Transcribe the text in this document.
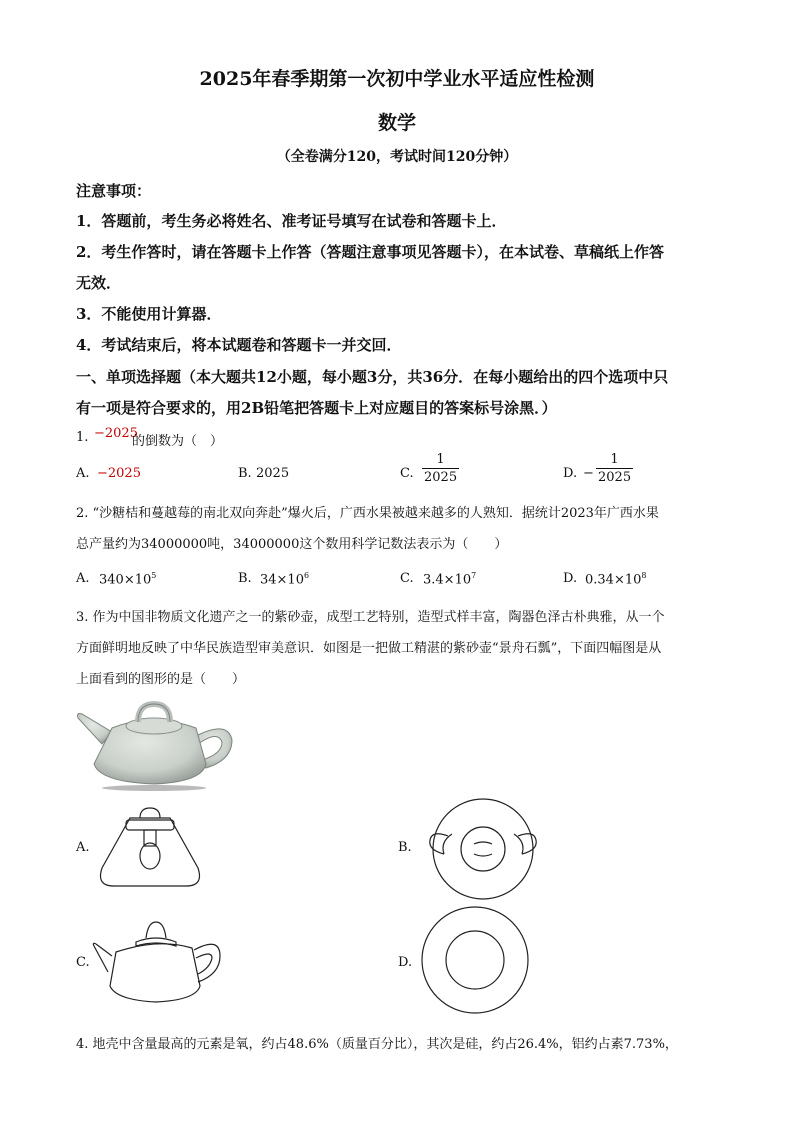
2025年春季期第一次初中学业水平适应性检测
数学
（全卷满分120，考试时间120分钟）
注意事项：
1．答题前，考生务必将姓名、准考证号填写在试卷和答题卡上．
2．考生作答时，请在答题卡上作答（答题注意事项见答题卡），在本试卷、草稿纸上作答
无效．
3．不能使用计算器．
4．考试结束后，将本试题卷和答题卡一并交回．
一、单项选择题（本大题共12小题，每小题3分，共36分．在每小题给出的四个选项中只
有一项是符合要求的，用2B铅笔把答题卡上对应题目的答案标号涂黑．）
1. −2025
的倒数为（　）
A. −2025	B. 2025	C.
1
2025	D. −
1
2025
2. “沙糖桔和蔓越莓的南北双向奔赴”爆火后，广西水果被越来越多的人熟知．据统计2023年广西水果
总产量约为34000000吨，34000000这个数用科学记数法表示为（　　）
A. $340\times 10^5$	B. $34\times 10^6$	C. $3.4\times 10^7$	D. $0.34\times 10^8$
3. 作为中国非物质文化遗产之一的紫砂壶，成型工艺特别，造型式样丰富，陶器色泽古朴典雅，从一个
方面鲜明地反映了中华民族造型审美意识．如图是一把做工精湛的紫砂壶“景舟石瓢”，下面四幅图是从
上面看到的图形的是（　　）
A.	B.
C.	D.
4. 地壳中含量最高的元素是氧，约占48.6%（质量百分比），其次是硅，约占26.4%，铝约占素7.73%，
